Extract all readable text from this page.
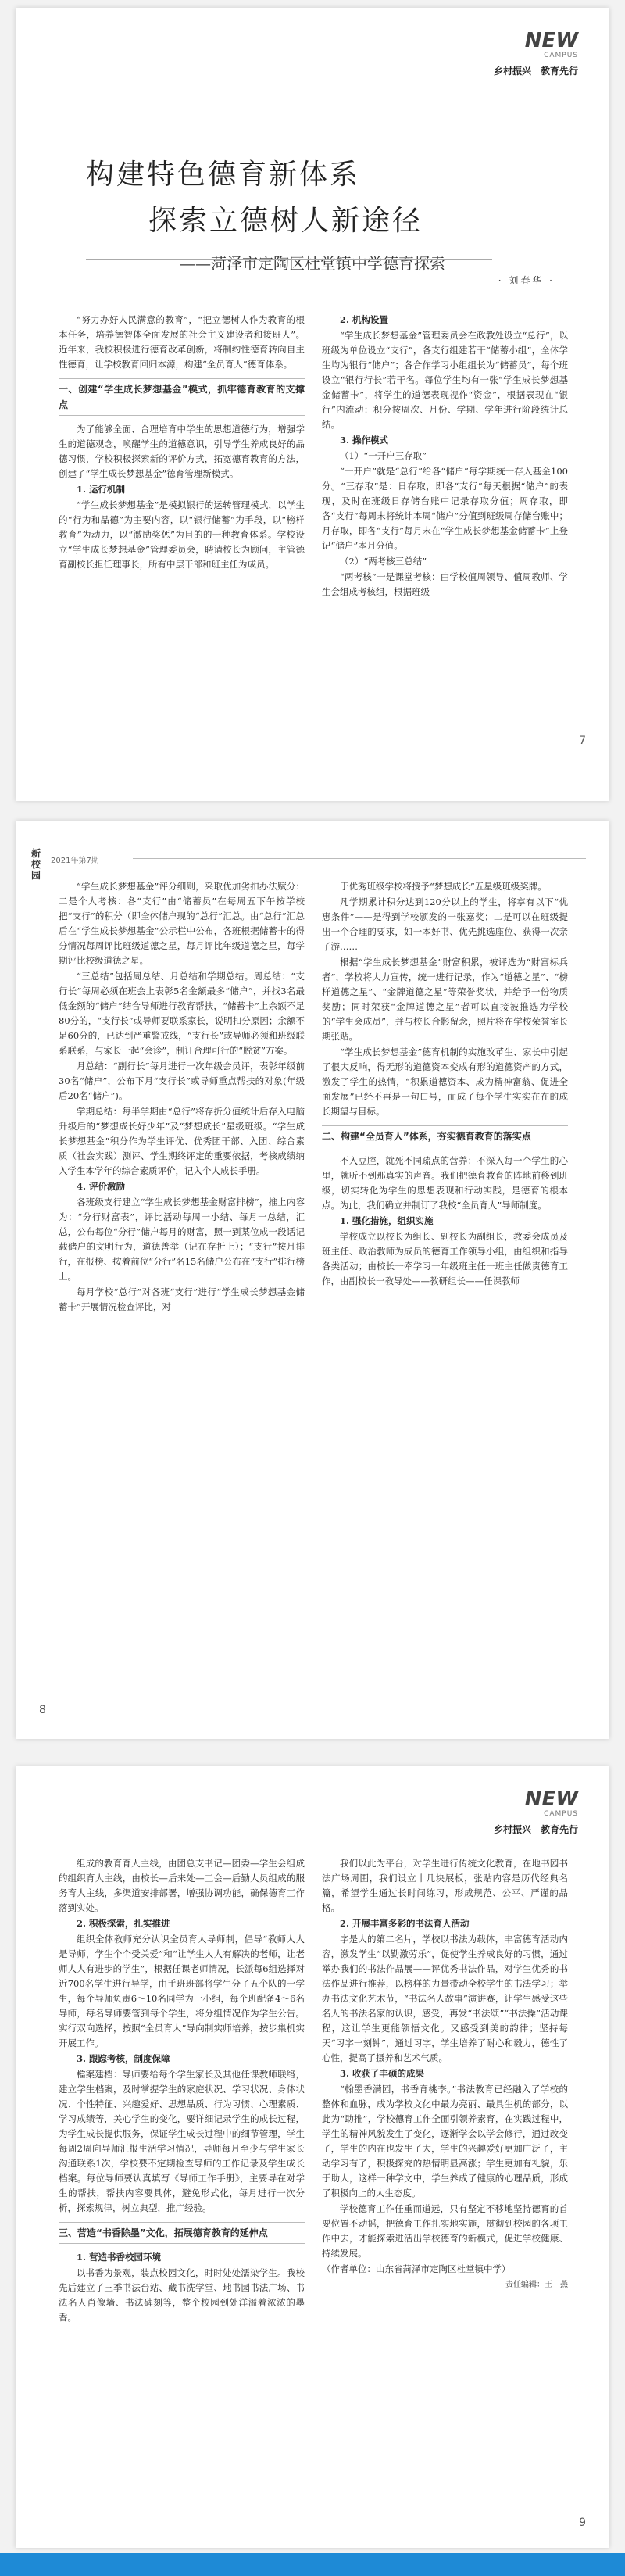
NEW
CAMPUS
乡村振兴　教育先行
构建特色德育新体系
探索立德树人新途径
——菏泽市定陶区杜堂镇中学德育探索
· 刘春华 ·

“努力办好人民满意的教育”，“把立德树人作为教育的根本任务，培养德智体全面发展的社会主义建设者和接班人”。近年来，我校积极进行德育改革创新，将制约性德育转向自主性德育，让学校教育回归本源，构建“全员育人”德育体系。

一、创建“学生成长梦想基金”模式，抓牢德育教育的支撑点

为了能够全面、合理培育中学生的思想道德行为，增强学生的道德观念，唤醒学生的道德意识，引导学生养成良好的品德习惯，学校积极探索新的评价方式，拓宽德育教育的方法，创建了“学生成长梦想基金”德育管理新模式。

1. 运行机制

“学生成长梦想基金”是模拟银行的运转管理模式，以学生的“行为和品德”为主要内容，以“银行储蓄”为手段，以“榜样教育”为动力，以“激励奖惩”为目的的一种教育体系。学校设立“学生成长梦想基金”管理委员会，聘请校长为顾问，主管德育副校长担任理事长，所有中层干部和班主任为成员。

2. 机构设置

“学生成长梦想基金”管理委员会在政教处设立“总行”，以班级为单位设立“支行”，各支行组建若干“储蓄小组”，全体学生均为银行“储户”；各合作学习小组组长为“储蓄员”，每个班设立“银行行长”若干名。每位学生均有一张“学生成长梦想基金储蓄卡”，将学生的道德表现视作“资金”，根据表现在“银行”内流动：积分按周次、月份、学期、学年进行阶段统计总结。

3. 操作模式

（1）“一开户三存取”

“一开户”就是“总行”给各“储户”每学期统一存入基金100分。“三存取”是：日存取，即各“支行”每天根据“储户”的表现，及时在班级日存储台账中记录存取分值；周存取，即各“支行”每周末将统计本周“储户”分值到班级周存储台账中；月存取，即各“支行”每月末在“学生成长梦想基金储蓄卡”上登记“储户”本月分值。

（2）“两考核三总结”

“两考核”一是课堂考核：由学校值周领导、值周教师、学生会组成考核组，根据班级

7
新校园
2021年第7期

“学生成长梦想基金”评分细则，采取优加劣扣办法赋分：二是个人考核：各“支行”由“储蓄员”在每周五下午按学校把“支行”的积分（即全体储户现的“总行”汇总。由“总行”汇总后在“学生成长梦想基金”公示栏中公布，各班根据储蓄卡的得分情况每周评比班级道德之星，每月评比年级道德之星，每学期评比校级道德之星。

“三总结”包括周总结、月总结和学期总结。周总结：“支行长”每周必须在班会上表彰5名金额最多“储户”，并找3名最低金额的“储户”结合导师进行教育帮扶，“储蓄卡”上余额不足80分的，“支行长”或导师要联系家长，说明扣分原因；余额不足60分的，已达到严重警戒线，“支行长”或导师必须和班级联系联系，与家长一起“会诊”，制订合理可行的“脱贫”方案。

月总结：“副行长”每月进行一次年级会员评，表彰年级前30名“储户”，公布下月“支行长”或导师重点帮扶的对象(年级后20名“储户”)。

学期总结：每半学期由“总行”将存折分值统计后存入电脑升级后的“梦想成长好少年”及“梦想成长”星级班级。“学生成长梦想基金”积分作为学生评优、优秀团干部、入团、综合素质（社会实践）测评、学生期终评定的重要依据，考核成绩纳入学生本学年的综合素质评价，记入个人成长手册。

4. 评价激励

各班级支行建立“学生成长梦想基金财富排榜”，推上内容为：“分行财富表”，评比活动每周一小结、每月一总结，汇总，公布每位“分行”储户每月的财富，照一到某位成一段话记载储户的文明行为，道德善举（记在存折上）；“支行”按月排行，在报榜、按着前位“分行”名15名储户公布在“支行”排行榜上。

每月学校“总行”对各班“支行”进行“学生成长梦想基金储蓄卡”开展情况检查评比，对

于优秀班级学校将授予“梦想成长”五星级班级奖牌。

凡学期累计积分达到120分以上的学生，将享有以下“优惠条件”——是得到学校颁发的一张嘉奖；二是可以在班级提出一个合理的要求，如一本好书、优先挑选座位、获得一次亲子游……

根据“学生成长梦想基金”财富积累，被评选为“财富标兵者”，学校将大力宣传，统一进行记录，作为“道德之星”、“榜样道德之星”、“金牌道德之星”等荣誉奖状，并给予一份物质奖励；同时荣获“金牌道德之星”者可以直接被推选为学校的“学生会成员”，并与校长合影留念，照片将在学校荣誉室长期张贴。

“学生成长梦想基金”德育机制的实施改革生、家长中引起了很大反响，得无形的道德资本变成有形的道德资产的方式，激发了学生的热情，“积累道德资本、成为精神富翁、促进全面发展”已经不再是一句口号，而成了每个学生实实在在的成长期望与目标。

二、构建“全员育人”体系，夯实德育教育的落实点

不入豆腔，就死不同疏点的营养；不深入每一个学生的心里，就听不到那真实的声音。我们把德育教育的阵地前移到班级，切实转化为学生的思想表现和行动实践，是德育的根本点。为此，我们确立并制订了我校“全员育人”导师制度。

1. 强化措施，组织实施

学校成立以校长为组长、副校长为副组长，教委会成员及班主任、政治教师为成员的德育工作领导小组，由组织和指导各类活动；由校长一牵学习一年级班主任一班主任做责德育工作，由副校长一教导处——教研组长——任课教师

8
NEW
CAMPUS
乡村振兴　教育先行

组成的教育育人主线，由团总支书记—团委—学生会组成的组织育人主线，由校长—后来处—工会—后勤人员组成的服务育人主线，多渠道安排部署，增强协调功能，确保德育工作落到实处。

2. 积极探索，扎实推进

组织全体教师充分认识全员育人导师制，倡导“教师人人是导师，学生个个受关爱”和“让学生人人有解决的老师，让老师人人有进步的学生”，根据任课老师情况，长派每6组选择对近700名学生进行导学，由手班班部将学生分了五个队的一学生，每个导师负责6～10名同学为一小组，每个班配备4～6名导师，每名导师要管到每个学生，将分组情况作为学生公告。实行双向选择，按照“全员育人”导向制实师培养，按步集机实开展工作。

3. 跟踪考核，制度保障

檔案建档：导师要给每个学生家长及其他任课教师联络，建立学生档案，及时掌握学生的家庭状况、学习状况、身体状况、个性特征、兴趣爱好、思想品质、行为习惯、心理素质、学习成绩等，关心学生的变化，要详细记录学生的成长过程，为学生成长提供服务，保证学生成长过程中的细节管理，学生每周2周向导师汇报生活学习情况，导师每月至少与学生家长沟通联系1次，学校要不定期检查导师的工作记录及学生成长档案。每位导师要认真填写《导师工作手册》，主要导在对学生的帮扶，帮扶内容要具体，避免形式化，每月进行一次分析，探索规律，树立典型，推广经验。

三、营造“书香除墨”文化，拓展德育教育的延伸点

1. 营造书香校园环境

以书香为景观，装点校园文化，时时处处濡染学生。我校先后建立了三季书法台站、藏书洗学堂、地书园书法广场、书法名人肖像墙、书法碑刻等，整个校园到处洋溢着浓浓的墨香。

我们以此为平台，对学生进行传统文化教育，在地书园书法广场周围，我们设立十几块展板，张贴内容是历代经典名篇，希望学生通过长时间练习，形成规范、公平、严谨的品格。

2. 开展丰富多彩的书法育人活动

字是人的第二名片，学校以书法为载体，丰富德育活动内容，激发学生“以勤激劳乐”，促使学生养成良好的习惯，通过举办我们的书法作品展——评优秀书法作品，对学生优秀的书法作品进行推荐，以榜样的力量带动全校学生的书法学习；举办书法文化艺术节，“书法名人故事”演讲赛，让学生感受这些名人的书法名家的认识，感受，再发“书法颂”“书法操”活动课程，这让学生更能领悟文化。又感受到美的韵律；坚持每天“习字一刻钟”，通过习字，学生培养了耐心和毅力，德性了心性，提高了摄养和艺术气质。

3. 收获了丰硕的成果

“翰墨香满园，书香育桃李。”书法教育已经融入了学校的整体和血脉，成为学校文化中最为亮丽、最具生机的部分，以此为“助推”，学校德育工作全面引领养素育，在实践过程中，学生的精神风貌发生了变化，逐渐学会以学会修行，通过改变了，学生的内在也发生了大，学生的兴趣爱好更加广泛了，主动学习有了，积极探究的热情明显高涨；学生更加有礼貌，乐于助人，这样一种学文中，学生养成了健康的心理品质，形成了积极向上的人生态度。

学校德育工作任重而道远，只有坚定不移地坚持德育的首要位置不动摇，把德育工作扎实地实施，贯彻到校园的各项工作中去，才能探索进活出学校德育的新模式，促进学校健康、持续发展。

（作者单位：山东省菏泽市定陶区杜堂镇中学）

责任编辑：王　燕

9
